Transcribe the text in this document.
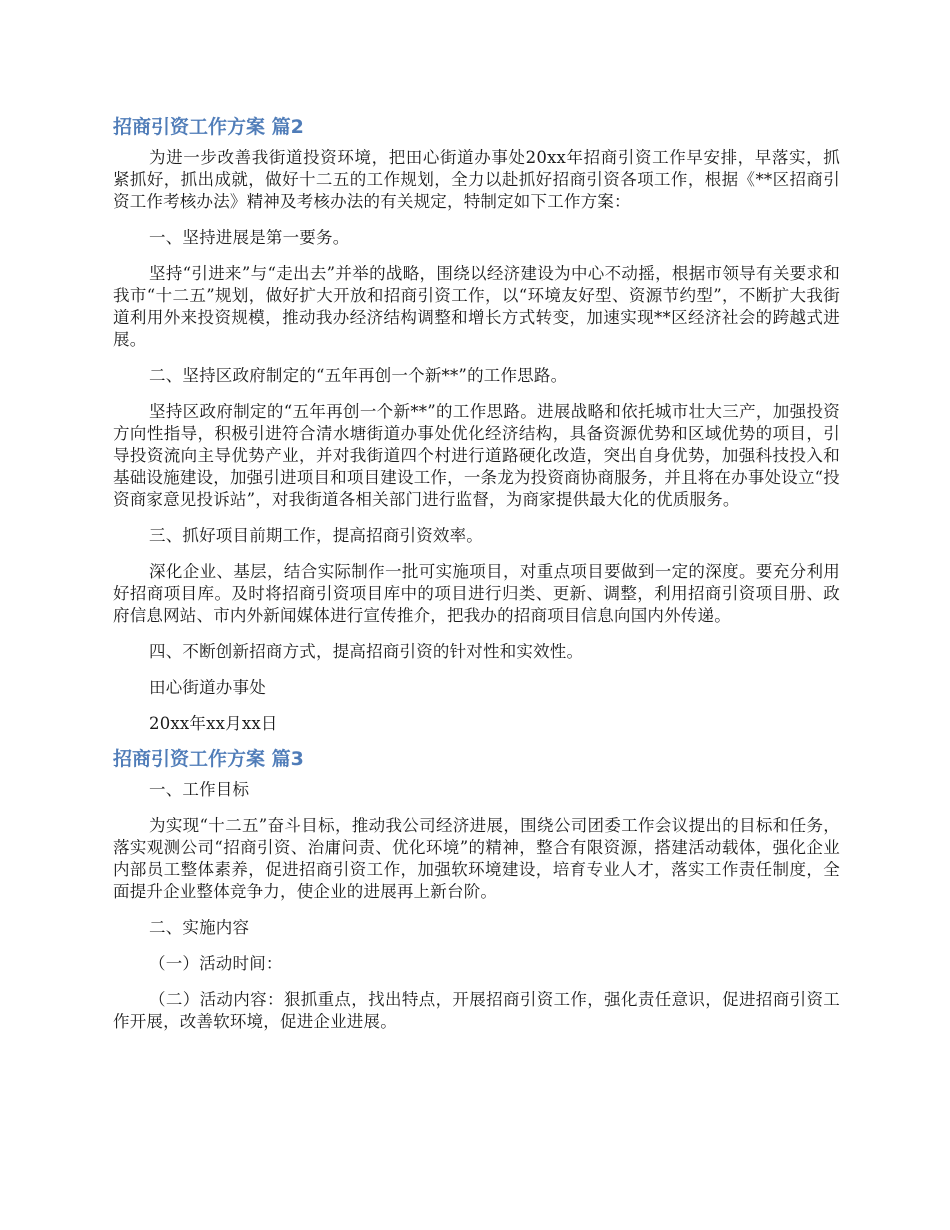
招商引资工作方案 篇2

为进一步改善我街道投资环境，把田心街道办事处20xx年招商引资工作早安排，早落实，抓紧抓好，抓出成就，做好十二五的工作规划，全力以赴抓好招商引资各项工作，根据《**区招商引资工作考核办法》精神及考核办法的有关规定，特制定如下工作方案：

一、坚持进展是第一要务。

坚持“引进来”与“走出去”并举的战略，围绕以经济建设为中心不动摇，根据市领导有关要求和我市“十二五”规划，做好扩大开放和招商引资工作，以“环境友好型、资源节约型”，不断扩大我街道利用外来投资规模，推动我办经济结构调整和增长方式转变，加速实现**区经济社会的跨越式进展。

二、坚持区政府制定的“五年再创一个新**”的工作思路。

坚持区政府制定的“五年再创一个新**”的工作思路。进展战略和依托城市壮大三产，加强投资方向性指导，积极引进符合清水塘街道办事处优化经济结构，具备资源优势和区域优势的项目，引导投资流向主导优势产业，并对我街道四个村进行道路硬化改造，突出自身优势，加强科技投入和基础设施建设，加强引进项目和项目建设工作，一条龙为投资商协商服务，并且将在办事处设立“投资商家意见投诉站”，对我街道各相关部门进行监督，为商家提供最大化的优质服务。

三、抓好项目前期工作，提高招商引资效率。

深化企业、基层，结合实际制作一批可实施项目，对重点项目要做到一定的深度。要充分利用好招商项目库。及时将招商引资项目库中的项目进行归类、更新、调整，利用招商引资项目册、政府信息网站、市内外新闻媒体进行宣传推介，把我办的招商项目信息向国内外传递。

四、不断创新招商方式，提高招商引资的针对性和实效性。

田心街道办事处

20xx年xx月xx日

招商引资工作方案 篇3

一、工作目标

为实现“十二五”奋斗目标，推动我公司经济进展，围绕公司团委工作会议提出的目标和任务，落实观测公司“招商引资、治庸问责、优化环境”的精神，整合有限资源，搭建活动载体，强化企业内部员工整体素养，促进招商引资工作，加强软环境建设，培育专业人才，落实工作责任制度，全面提升企业整体竞争力，使企业的进展再上新台阶。

二、实施内容

（一）活动时间：

（二）活动内容：狠抓重点，找出特点，开展招商引资工作，强化责任意识，促进招商引资工作开展，改善软环境，促进企业进展。
